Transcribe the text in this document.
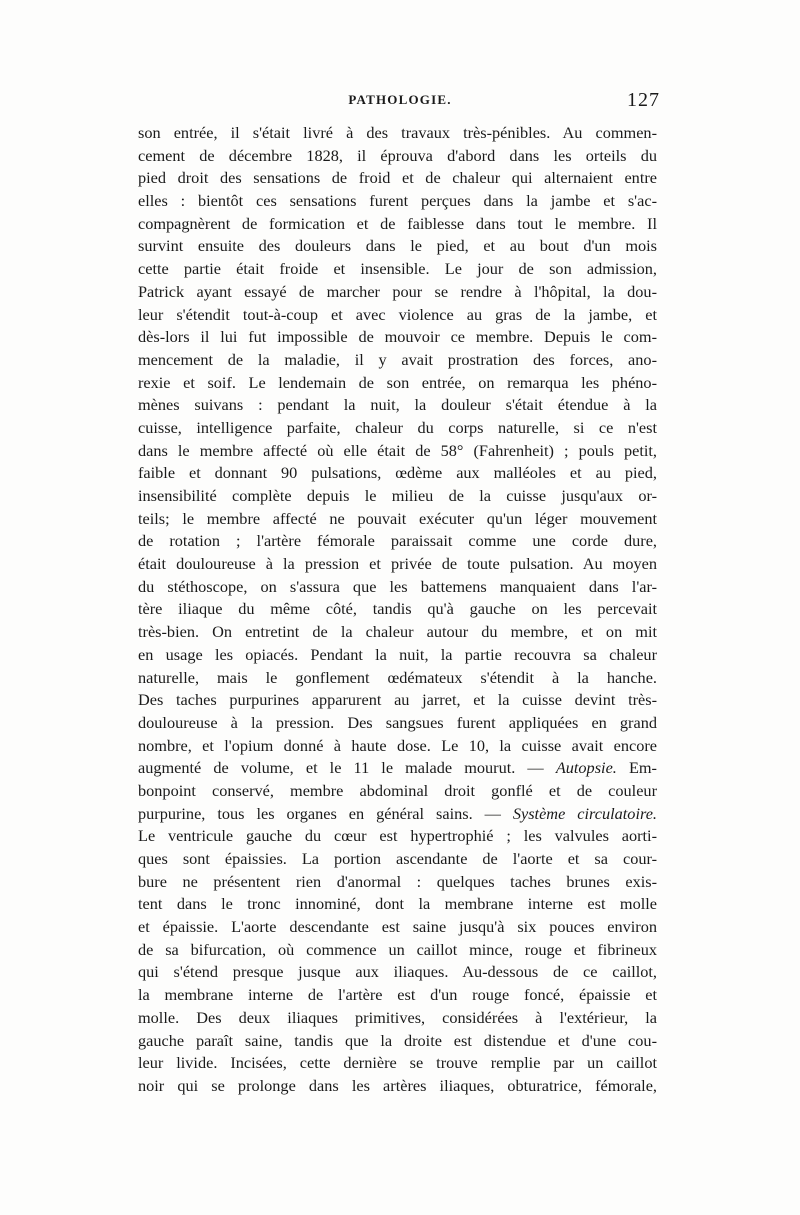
PATHOLOGIE.	127
son entrée, il s'était livré à des travaux très-pénibles. Au commen-
cement de décembre 1828, il éprouva d'abord dans les orteils du
pied droit des sensations de froid et de chaleur qui alternaient entre
elles : bientôt ces sensations furent perçues dans la jambe et s'ac-
compagnèrent de formication et de faiblesse dans tout le membre. Il
survint ensuite des douleurs dans le pied, et au bout d'un mois
cette partie était froide et insensible. Le jour de son admission,
Patrick ayant essayé de marcher pour se rendre à l'hôpital, la dou-
leur s'étendit tout-à-coup et avec violence au gras de la jambe, et
dès-lors il lui fut impossible de mouvoir ce membre. Depuis le com-
mencement de la maladie, il y avait prostration des forces, ano-
rexie et soif. Le lendemain de son entrée, on remarqua les phéno-
mènes suivans : pendant la nuit, la douleur s'était étendue à la
cuisse, intelligence parfaite, chaleur du corps naturelle, si ce n'est
dans le membre affecté où elle était de 58° (Fahrenheit) ; pouls petit,
faible et donnant 90 pulsations, œdème aux malléoles et au pied,
insensibilité complète depuis le milieu de la cuisse jusqu'aux or-
teils; le membre affecté ne pouvait exécuter qu'un léger mouvement
de rotation ; l'artère fémorale paraissait comme une corde dure,
était douloureuse à la pression et privée de toute pulsation. Au moyen
du stéthoscope, on s'assura que les battemens manquaient dans l'ar-
tère iliaque du même côté, tandis qu'à gauche on les percevait
très-bien. On entretint de la chaleur autour du membre, et on mit
en usage les opiacés. Pendant la nuit, la partie recouvra sa chaleur
naturelle, mais le gonflement œdémateux s'étendit à la hanche.
Des taches purpurines apparurent au jarret, et la cuisse devint très-
douloureuse à la pression. Des sangsues furent appliquées en grand
nombre, et l'opium donné à haute dose. Le 10, la cuisse avait encore
augmenté de volume, et le 11 le malade mourut. — Autopsie. Em-
bonpoint conservé, membre abdominal droit gonflé et de couleur
purpurine, tous les organes en général sains. — Système circulatoire.
Le ventricule gauche du cœur est hypertrophié ; les valvules aorti-
ques sont épaissies. La portion ascendante de l'aorte et sa cour-
bure ne présentent rien d'anormal : quelques taches brunes exis-
tent dans le tronc innominé, dont la membrane interne est molle
et épaissie. L'aorte descendante est saine jusqu'à six pouces environ
de sa bifurcation, où commence un caillot mince, rouge et fibrineux
qui s'étend presque jusque aux iliaques. Au-dessous de ce caillot,
la membrane interne de l'artère est d'un rouge foncé, épaissie et
molle. Des deux iliaques primitives, considérées à l'extérieur, la
gauche paraît saine, tandis que la droite est distendue et d'une cou-
leur livide. Incisées, cette dernière se trouve remplie par un caillot
noir qui se prolonge dans les artères iliaques, obturatrice, fémorale,
